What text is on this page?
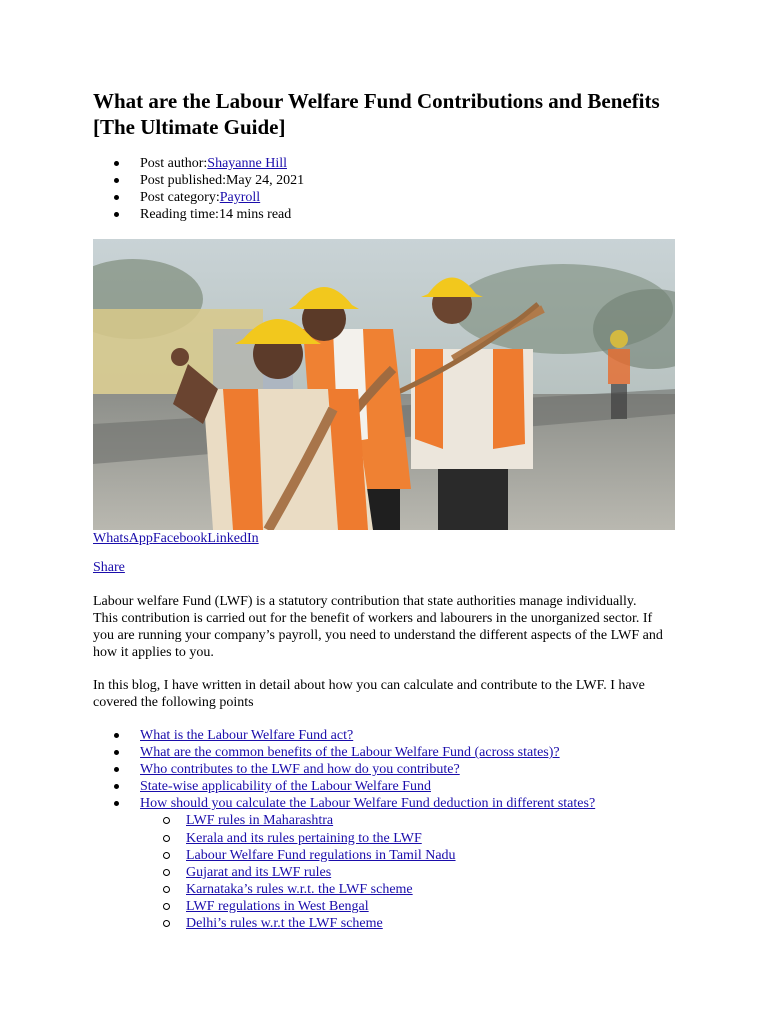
What are the Labour Welfare Fund Contributions and Benefits [The Ultimate Guide]
Post author:Shayanne Hill
Post published:May 24, 2021
Post category:Payroll
Reading time:14 mins read
WhatsAppFacebookLinkedIn
Share

Labour welfare Fund (LWF) is a statutory contribution that state authorities manage individually. This contribution is carried out for the benefit of workers and labourers in the unorganized sector. If you are running your company’s payroll, you need to understand the different aspects of the LWF and how it applies to you.

In this blog, I have written in detail about how you can calculate and contribute to the LWF. I have covered the following points

What is the Labour Welfare Fund act?
What are the common benefits of the Labour Welfare Fund (across states)?
Who contributes to the LWF and how do you contribute?
State-wise applicability of the Labour Welfare Fund
How should you calculate the Labour Welfare Fund deduction in different states?
LWF rules in Maharashtra
Kerala and its rules pertaining to the LWF
Labour Welfare Fund regulations in Tamil Nadu
Gujarat and its LWF rules
Karnataka’s rules w.r.t. the LWF scheme
LWF regulations in West Bengal
Delhi’s rules w.r.t the LWF scheme
